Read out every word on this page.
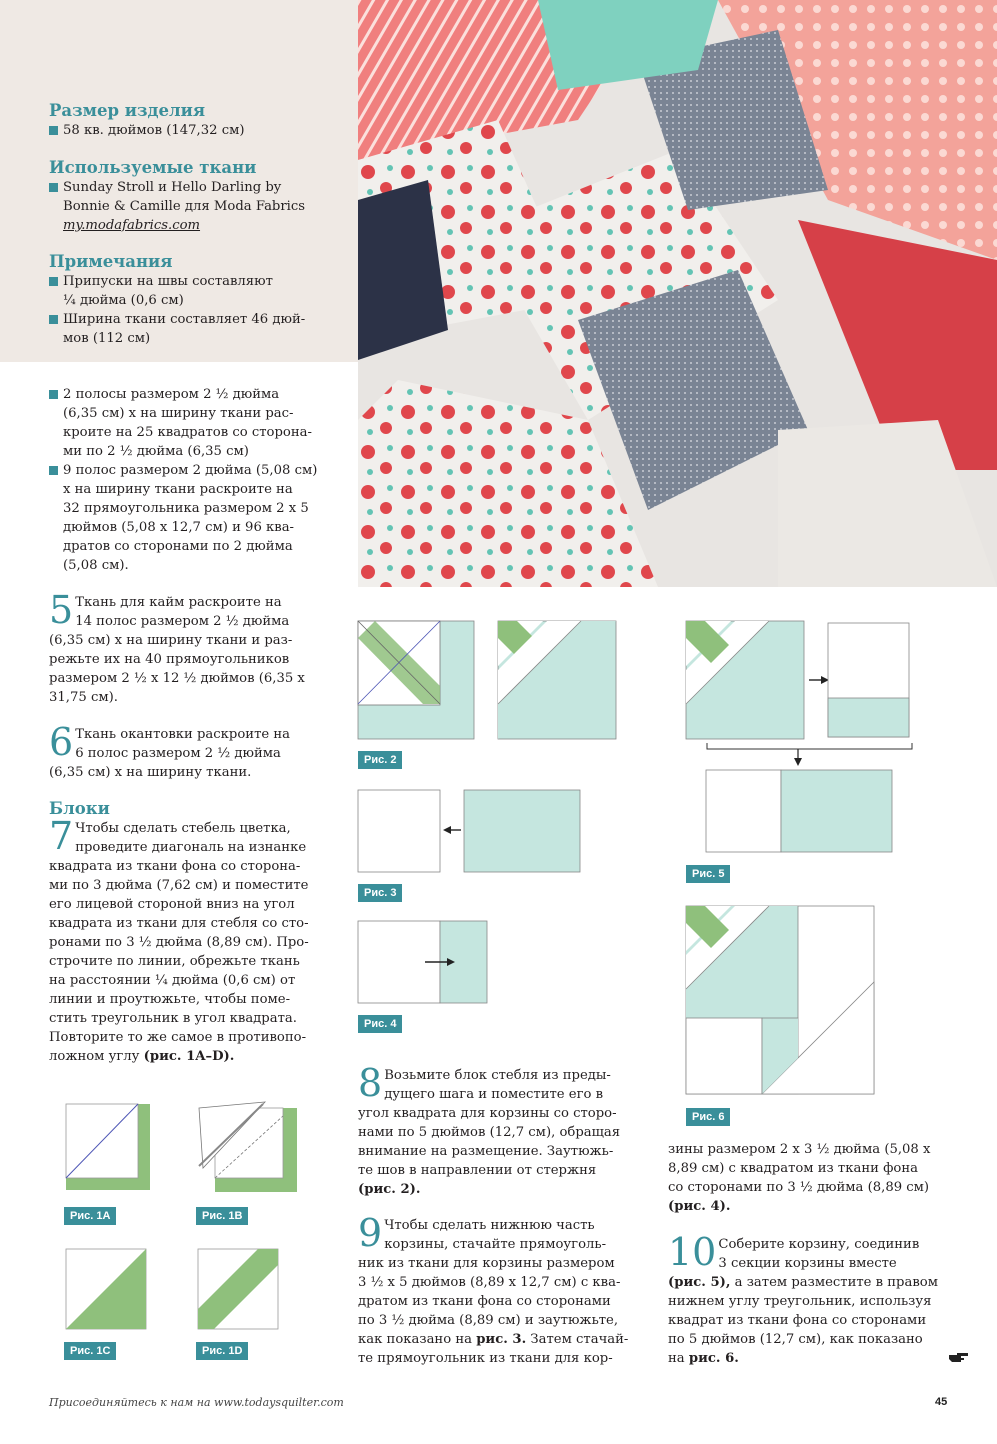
Размер изделия

58 кв. дюймов (147,32 см)

Используемые ткани

Sunday Stroll и Hello Darling by

Bonnie & Camille для Moda Fabrics

my.modafabrics.com

Примечания

Припуски на швы составляют

¼ дюйма (0,6 см)

Ширина ткани составляет 46 дюй-

мов (112 см)

2 полосы размером 2 ½ дюйма

(6,35 см) х на ширину ткани рас-

кроите на 25 квадратов со сторона-

ми по 2 ½ дюйма (6,35 см)

9 полос размером 2 дюйма (5,08 см)

х на ширину ткани раскроите на

32 прямоугольника размером 2 х 5

дюймов (5,08 х 12,7 см) и 96 ква-

дратов со сторонами по 2 дюйма

(5,08 см).

5 Ткань для кайм раскроите на

14 полос размером 2 ½ дюйма

(6,35 см) х на ширину ткани и раз-

режьте их на 40 прямоугольников

размером 2 ½ х 12 ½ дюймов (6,35 х

31,75 см).

6 Ткань окантовки раскроите на

6 полос размером 2 ½ дюйма

(6,35 см) х на ширину ткани.

Блоки

7 Чтобы сделать стебель цветка,

проведите диагональ на изнанке

квадрата из ткани фона со сторона-

ми по 3 дюйма (7,62 см) и поместите

его лицевой стороной вниз на угол

квадрата из ткани для стебля со сто-

ронами по 3 ½ дюйма (8,89 см). Про-

строчите по линии, обрежьте ткань

на расстоянии ¼ дюйма (0,6 см) от

линии и проутюжьте, чтобы поме-

стить треугольник в угол квадрата.

Повторите то же самое в противопо-

ложном углу (рис. 1A–D).

Рис. 1A	Рис. 1B
Рис. 1C	Рис. 1D
Рис. 2
Рис. 3
Рис. 4
Рис. 5
Рис. 6
8 Возьмите блок стебля из преды-

дущего шага и поместите его в

угол квадрата для корзины со сторо-

нами по 5 дюймов (12,7 см), обращая

внимание на размещение. Заутюжь-

те шов в направлении от стержня

(рис. 2).

9 Чтобы сделать нижнюю часть

корзины, стачайте прямоуголь-

ник из ткани для корзины размером

3 ½ х 5 дюймов (8,89 х 12,7 см) с ква-

дратом из ткани фона со сторонами

по 3 ½ дюйма (8,89 см) и заутюжьте,

как показано на рис. 3. Затем стачай-

те прямоугольник из ткани для кор-

зины размером 2 х 3 ½ дюйма (5,08 х

8,89 см) с квадратом из ткани фона

со сторонами по 3 ½ дюйма (8,89 см)

(рис. 4).

10 Соберите корзину, соединив

3 секции корзины вместе

(рис. 5), а затем разместите в правом

нижнем углу треугольник, используя

квадрат из ткани фона со сторонами

по 5 дюймов (12,7 см), как показано

на рис. 6.

Присоединяйтесь к нам на www.todaysquilter.com	45
